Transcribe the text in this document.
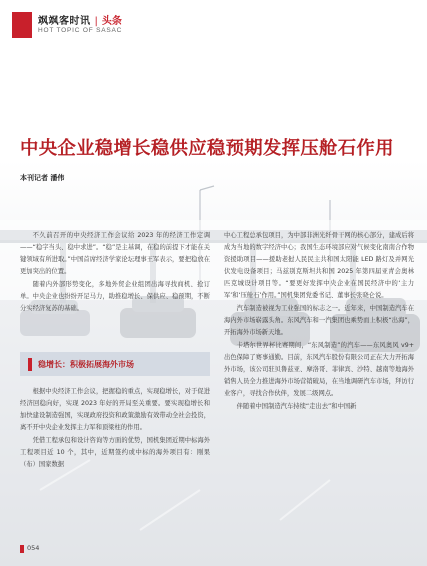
飒飒客时讯 | 头条
HOT TOPIC OF SASAC
中央企业稳增长稳供应稳预期发挥压舱石作用
本刊记者 潘伟

不久前召开的中央经济工作会议给 2023 年的经济工作定调——“稳字当头、稳中求进”。“稳”是主基调，在稳的前提下才能在关键领域有所进取。”中国首席经济学家论坛理事王军表示，要把稳放在更加突出的位置。

随着内外部形势变化，多地外贸企业组团出海寻找商机、抢订单。中央企业也纷纷开足马力，助推稳增长、保供应、稳预期，不断分实经济复苏的基础。

稳增长：积极拓展海外市场

根据中央经济工作会议，把握稳的重点，实现稳增长，对于促进经济回稳向好，实现 2023 年好的开局至关重要。要实现稳增长和加快建设制造强国，实现政府投资和政策激励有效带动全社会投资，离不开中央企业发挥主力军和顶梁柱的作用。

凭借工程承包和设计咨询等方面的优势，国机集团近期中标海外工程项目近 10 个，其中，近期签约或中标的海外项目有：刚果（布）国家数据

中心工程总承包项目，为中部非洲光纤骨干网的核心部分，建成后将成为当地的数字经济中心；我国生态环境部应对气候变化南南合作物资援助项目——援助老挝人民民主共和国太阳能 LED 路灯及并网光伏发电设备项目；马兹别克斯坦共和国 2025 年第四届亚青会奥林匹克城设计项目等。“要更好发挥中央企业在国民经济中的‘主力军’和‘压舱石’作用。”国机集团党委书记、董事长张晓仑说。

汽车制造被视为工业强国的标志之一。近年来，中国制造汽车在海内外市场崭露头角。东风汽车和一汽集团也乘势而上积极“出海”，开拓海外市场新天地。

卡塔尔世界杯比赛期间，“东风制造”的汽车——东风奥风 v9+ 出色保障了赛事通勤。目前，东风汽车股份有限公司正在大力开拓海外市场，该公司驻贝鲁兹亚、摩洛哥、菲律宾、沙特、越南等地海外销售人员全力推进海外市场营销破局，在当地调研汽车市场，拜访行业客户，寻找合作伙伴，发展二级网点。

伴随着中国制造汽车持续“走出去”和中国新

054
